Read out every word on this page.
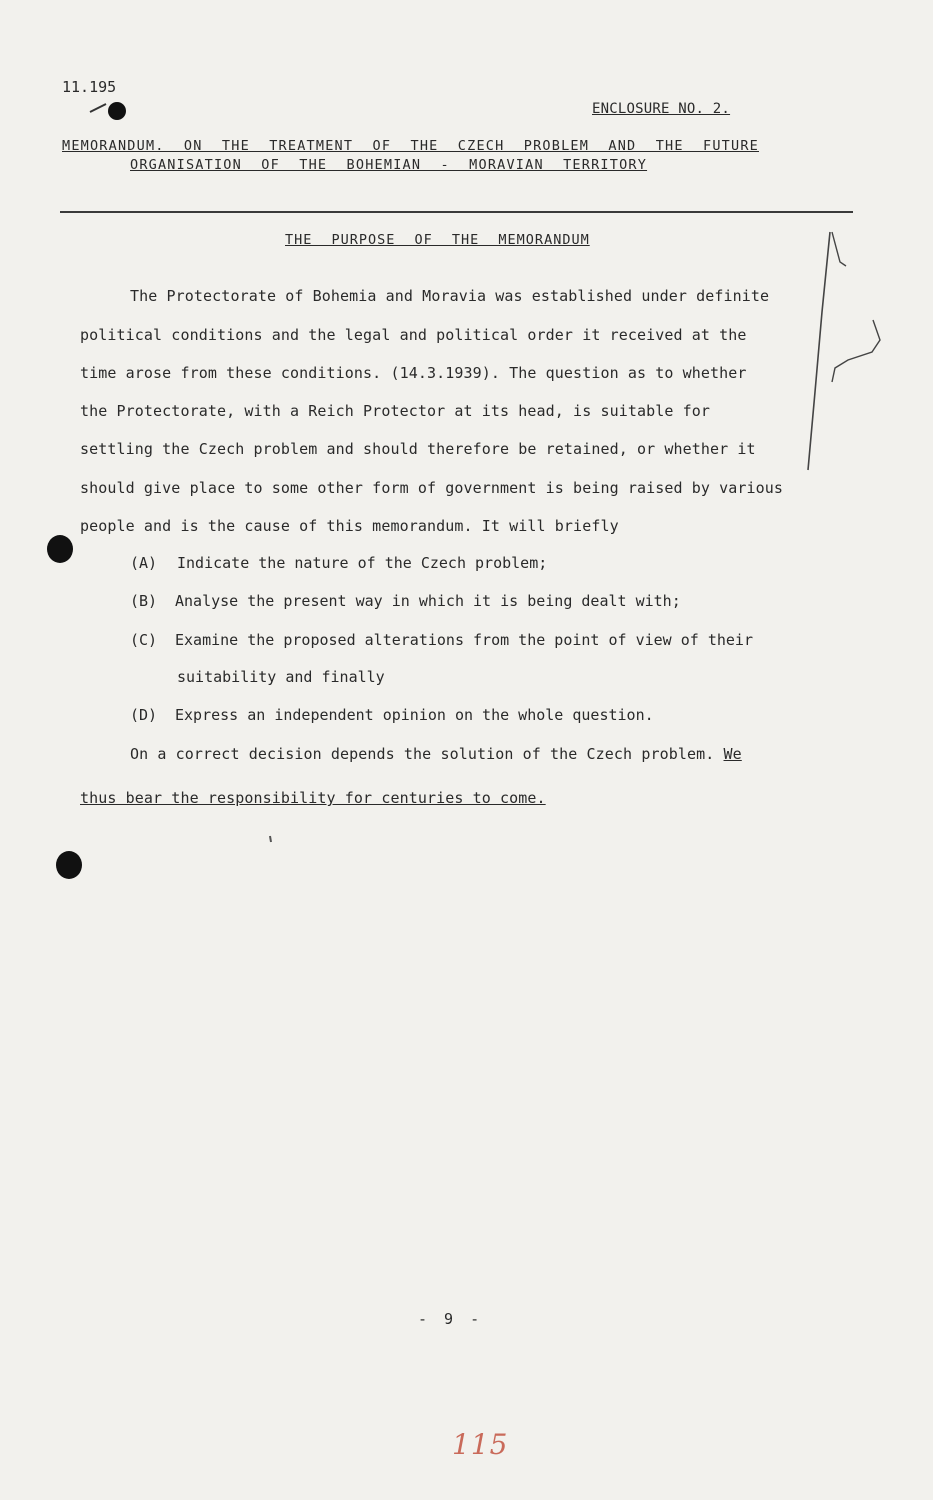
11.195
ENCLOSURE NO. 2.
MEMORANDUM. ON THE TREATMENT OF THE CZECH PROBLEM AND THE FUTURE
ORGANISATION OF THE BOHEMIAN - MORAVIAN TERRITORY
THE PURPOSE OF THE MEMORANDUM
The Protectorate of Bohemia and Moravia was established under definite
political conditions and the legal and political order it received at the
time arose from these conditions. (14.3.1939). The question as to whether
the Protectorate, with a Reich Protector at its head, is suitable for
settling the Czech problem and should therefore be retained, or whether it
should give place to some other form of government is being raised by various
people and is the cause of this memorandum. It will briefly
(A) Indicate the nature of the Czech problem;
(B) Analyse the present way in which it is being dealt with;
(C) Examine the proposed alterations from the point of view of their
suitability and finally
(D) Express an independent opinion on the whole question.
On a correct decision depends the solution of the Czech problem. We
thus bear the responsibility for centuries to come.
- 9 -
115
